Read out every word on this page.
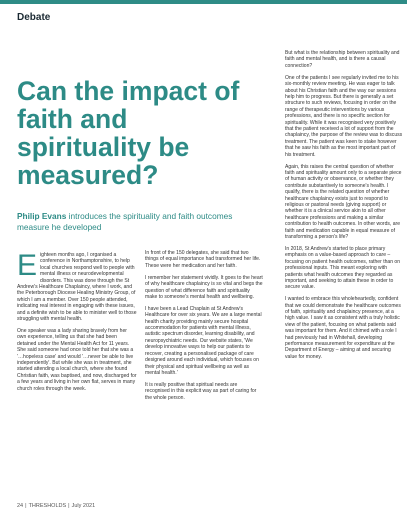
Debate
Can the impact of faith and spirituality be measured?
Philip Evans introduces the spirituality and faith outcomes measure he developed

Eighteen months ago, I organised a conference in Northamptonshire, to help local churches respond well to people with mental illness or neurodevelopmental disorders. This was done through the St Andrew's Healthcare Chaplaincy, where I work, and the Peterborough Diocese Healing Ministry Group, of which I am a member. Over 150 people attended, indicating real interest in engaging with these issues, and a definite wish to be able to minister well to those struggling with mental health.

One speaker was a lady sharing bravely from her own experience, telling us that she had been detained under the Mental Health Act for 11 years. She said someone had once told her that she was a '…hopeless case' and would '…never be able to live independently'. But while she was in treatment, she started attending a local church, where she found Christian faith, was baptised, and now, discharged for a few years and living in her own flat, serves in many church roles through the week.

In front of the 150 delegates, she said that two things of equal importance had transformed her life. These were her medication and her faith.

I remember her statement vividly. It goes to the heart of why healthcare chaplaincy is so vital and begs the question of what difference faith and spirituality make to someone's mental health and wellbeing.

I have been a Lead Chaplain at St Andrew's Healthcare for over six years. We are a large mental health charity providing mainly secure hospital accommodation for patients with mental illness, autistic spectrum disorder, learning disability, and neuropsychiatric needs. Our website states, 'We develop innovative ways to help our patients to recover, creating a personalised package of care designed around each individual, which focuses on their physical and spiritual wellbeing as well as mental health.'

It is really positive that spiritual needs are recognised in this explicit way as part of caring for the whole person.

But what is the relationship between spirituality and faith and mental health, and is there a causal connection?

One of the patients I see regularly invited me to his six-monthly review meeting. He was eager to talk about his Christian faith and the way our sessions help him to progress. But there is generally a set structure to such reviews, focusing in order on the range of therapeutic interventions by various professions, and there is no specific section for spirituality. While it was recognised very positively that the patient received a lot of support from the chaplaincy, the purpose of the review was to discuss treatment. The patient was keen to stake however that he saw his faith as the most important part of his treatment.

Again, this raises the central question of whether faith and spirituality amount only to a separate piece of human activity or observance, or whether they contribute substantively to someone's health. I qualify, there is the related question of whether healthcare chaplaincy exists just to respond to religious or pastoral needs (giving support) or whether it is a clinical service akin to all other healthcare professions and making a similar contribution to health outcomes. In other words, are faith and medication capable in equal measure of transforming a person's life?

In 2018, St Andrew's started to place primary emphasis on a value-based approach to care – focusing on patient health outcomes, rather than on professional inputs. This meant exploring with patients what health outcomes they regarded as important, and seeking to attain these in order to secure value.

I wanted to embrace this wholeheartedly, confident that we could demonstrate the healthcare outcomes of faith, spirituality and chaplaincy presence, at a high value. I saw it as consistent with a truly holistic view of the patient, focusing on what patients said was important for them. And it chimed with a role I had previously had in Whitehall, developing performance measurement for expenditure at the Department of Energy – aiming at and securing value for money.

24 | THRESHOLDS | July 2021
